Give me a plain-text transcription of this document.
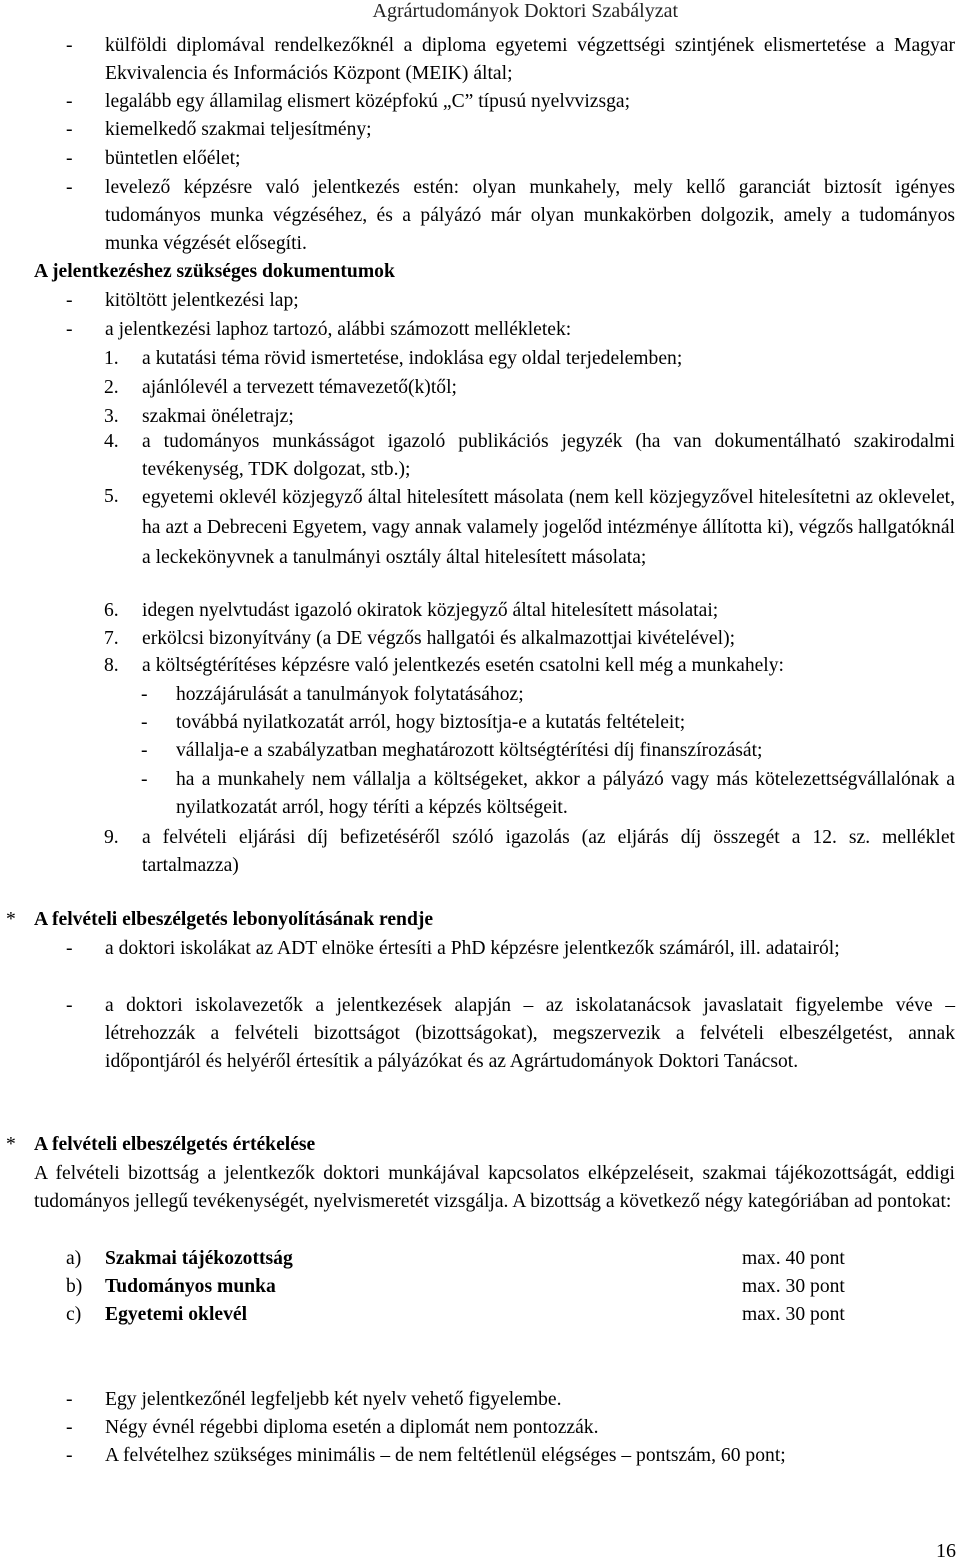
Agrártudományok Doktori Szabályzat
- külföldi diplomával rendelkezőknél a diploma egyetemi végzettségi szintjének elismertetése a Magyar Ekvivalencia és Információs Központ (MEIK) által;

- legalább egy államilag elismert középfokú „C” típusú nyelvvizsga;

- kiemelkedő szakmai teljesítmény;

- büntetlen előélet;

- levelező képzésre való jelentkezés estén: olyan munkahely, mely kellő garanciát biztosít igényes tudományos munka végzéséhez, és a pályázó már olyan munkakörben dolgozik, amely a tudományos munka végzését elősegíti.

A jelentkezéshez szükséges dokumentumok

- kitöltött jelentkezési lap;

- a jelentkezési laphoz tartozó, alábbi számozott mellékletek:

1. a kutatási téma rövid ismertetése, indoklása egy oldal terjedelemben;

2. ajánlólevél a tervezett témavezető(k)től;

3. szakmai önéletrajz;

4. a tudományos munkásságot igazoló publikációs jegyzék (ha van dokumentálható szakirodalmi tevékenység, TDK dolgozat, stb.);

5. egyetemi oklevél közjegyző által hitelesített másolata (nem kell közjegyzővel hitelesítetni az oklevelet, ha azt a Debreceni Egyetem, vagy annak valamely jogelőd intézménye állította ki), végzős hallgatóknál a leckekönyvnek a tanulmányi osztály által hitelesített másolata;

6. idegen nyelvtudást igazoló okiratok közjegyző által hitelesített másolatai;

7. erkölcsi bizonyítvány (a DE végzős hallgatói és alkalmazottjai kivételével);

8. a költségtérítéses képzésre való jelentkezés esetén csatolni kell még a munkahely:

- hozzájárulását a tanulmányok folytatásához;

- továbbá nyilatkozatát arról, hogy biztosítja-e a kutatás feltételeit;

- vállalja-e a szabályzatban meghatározott költségtérítési díj finanszírozását;

- ha a munkahely nem vállalja a költségeket, akkor a pályázó vagy más kötelezettségvállalónak a nyilatkozatát arról, hogy téríti a képzés költségeit.

9. a felvételi eljárási díj befizetéséről szóló igazolás (az eljárás díj összegét a 12. sz. melléklet tartalmazza)

* A felvételi elbeszélgetés lebonyolításának rendje

- a doktori iskolákat az ADT elnöke értesíti a PhD képzésre jelentkezők számáról, ill. adatairól;

- a doktori iskolavezetők a jelentkezések alapján – az iskolatanácsok javaslatait figyelembe véve – létrehozzák a felvételi bizottságot (bizottságokat), megszervezik a felvételi elbeszélgetést, annak időpontjáról és helyéről értesítik a pályázókat és az Agrártudományok Doktori Tanácsot.

* A felvételi elbeszélgetés értékelése

A felvételi bizottság a jelentkezők doktori munkájával kapcsolatos elképzeléseit, szakmai tájékozottságát, eddigi tudományos jellegű tevékenységét, nyelvismeretét vizsgálja. A bizottság a következő négy kategóriában ad pontokat:

a) Szakmai tájékozottság	max. 40 pont
b) Tudományos munka	max. 30 pont
c) Egyetemi oklevél	max. 30 pont
- Egy jelentkezőnél legfeljebb két nyelv vehető figyelembe.

- Négy évnél régebbi diploma esetén a diplomát nem pontozzák.

- A felvételhez szükséges minimális – de nem feltétlenül elégséges – pontszám, 60 pont;

16
